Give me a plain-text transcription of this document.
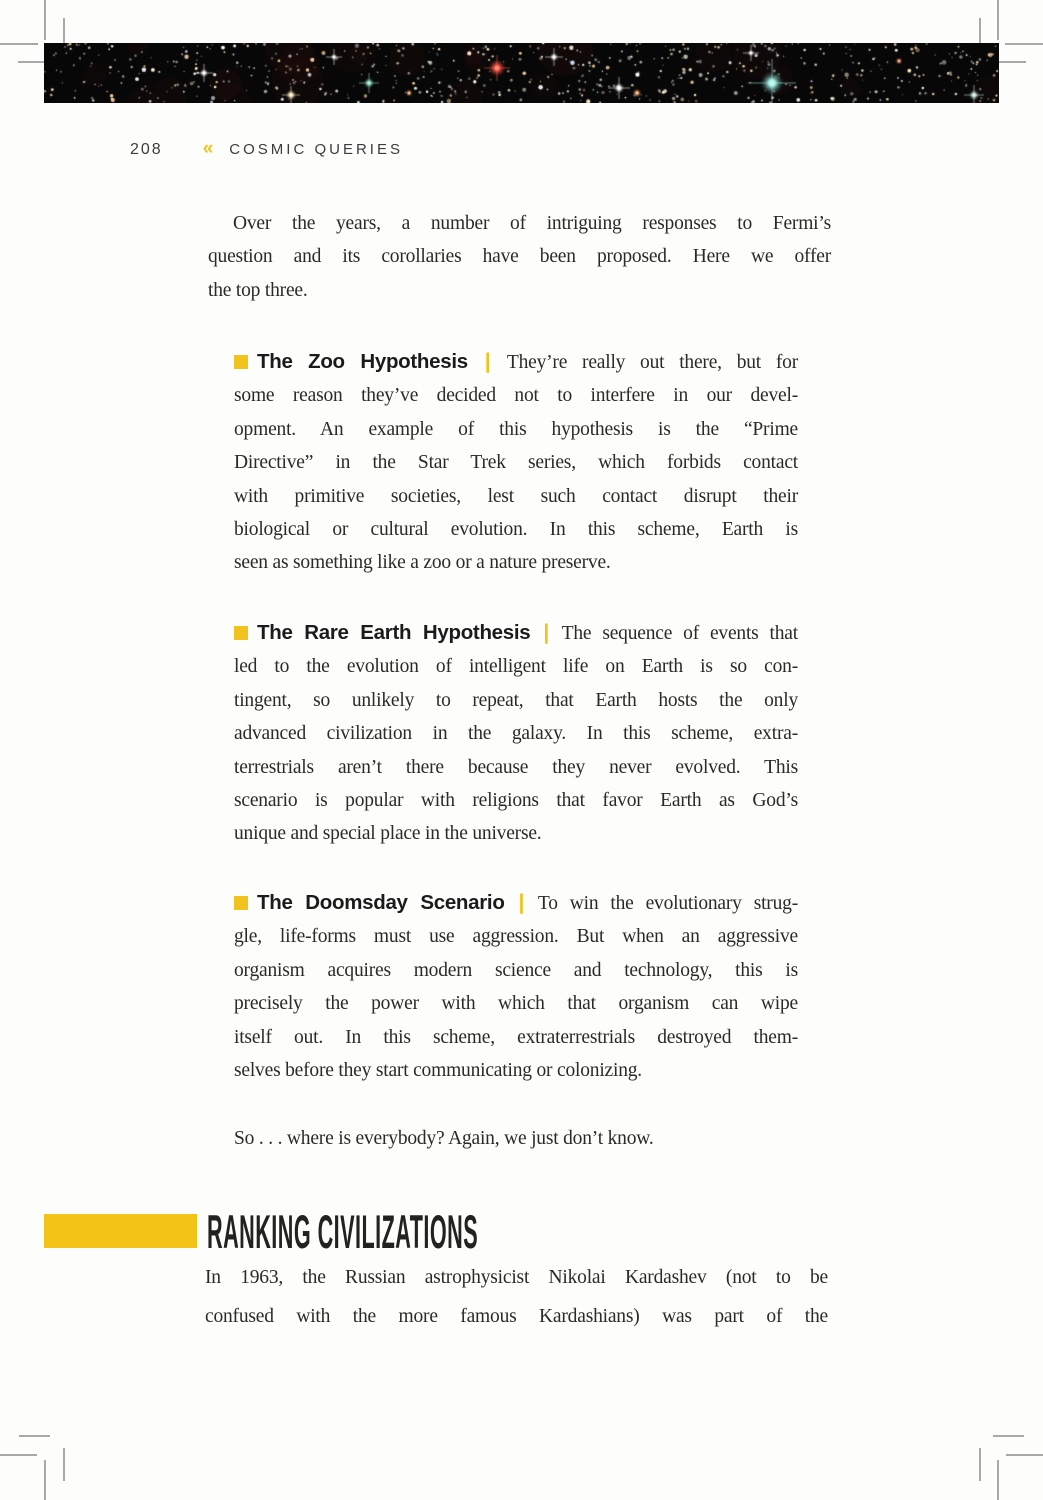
208 « COSMIC QUERIES
Over the years, a number of intriguing responses to Fermi’s
question and its corollaries have been proposed. Here we offer
the top three.
The Zoo Hypothesis | They’re really out there, but for
some reason they’ve decided not to interfere in our devel-
opment. An example of this hypothesis is the “Prime
Directive” in the Star Trek series, which forbids contact
with primitive societies, lest such contact disrupt their
biological or cultural evolution. In this scheme, Earth is
seen as something like a zoo or a nature preserve.
The Rare Earth Hypothesis | The sequence of events that
led to the evolution of intelligent life on Earth is so con-
tingent, so unlikely to repeat, that Earth hosts the only
advanced civilization in the galaxy. In this scheme, extra-
terrestrials aren’t there because they never evolved. This
scenario is popular with religions that favor Earth as God’s
unique and special place in the universe.
The Doomsday Scenario | To win the evolutionary strug-
gle, life-forms must use aggression. But when an aggressive
organism acquires modern science and technology, this is
precisely the power with which that organism can wipe
itself out. In this scheme, extraterrestrials destroyed them-
selves before they start communicating or colonizing.
So . . . where is everybody? Again, we just don’t know.
RANKING CIVILIZATIONS
In 1963, the Russian astrophysicist Nikolai Kardashev (not to be
confused with the more famous Kardashians) was part of the
